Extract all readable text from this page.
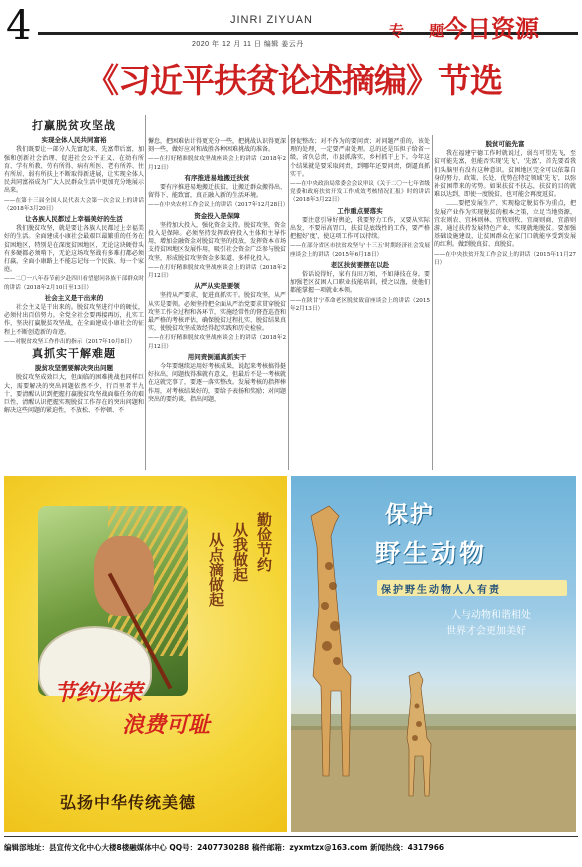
4	JINRI ZIYUAN
2020 年 12 月 11 日 编辑 姜云丹
专 题
今日资源
《习近平扶贫论述摘编》节选
打赢脱贫攻坚战
实现全体人民共同富裕

我们既要让一部分人先富起来、先富带后富，加强和创新社会治理、促进社会公平正义、在幼有所育、学有所教、劳有所得、病有所医、老有所养、住有所居、弱有所扶上不断取得新进展，让实现全体人民共同富裕成为广大人民群众生活中更加充分地展示出来。

——在第十三届全国人民代表大会第一次会议上的讲话（2018年3月20日）

让各族人民都过上幸福美好的生活

我们脱贫攻坚，就是要让各族人民都过上幸福美好的生活。全面建成小康社会最艰巨最繁重的任务在贫困地区，特别是在深度贫困地区，无论这块硬骨头有多硬都必须啃下，无论这场攻坚战有多难打都必须打赢，全面小康路上不能忘记每一个民族、每一个家庭。

——二〇一八年春节前夕赴四川看望慰问各族干部群众时的讲话（2018年2月10日至13日）

社会主义是干出来的

社会主义是干出来的。脱贫攻坚进行中的硬仗，必须付出百倍努力。全党全社会要再接再厉，扎实工作，坚决打赢脱贫攻坚战，在全面建成小康社会的征程上不断创造新的奇迹。

——对脱贫攻坚工作作出的指示（2017年10月8日）

真抓实干解难题
脱贫攻坚需要解决突出问题

脱贫攻坚成效巨大，但面临的困难挑战也同样巨大，需要解决的突出问题依然不少，行百里者半九十，要清醒认识到把握打赢脱贫攻坚战面临任务的艰巨性，清醒认识把握实现脱贫工作存在的突出问题和解决这些问题的紧迫性，不放松、不停顿、不

懈怠，把困难估计得更充分一些，把挑战认识得更深刻一些，做好应对和战胜各种困难挑战的准备。

——在打好精准脱贫攻坚战座谈会上的讲话（2018年2月12日）

有序推进易地搬迁扶贫

要有序推进易地搬迁扶贫，让搬迁群众搬得出、留得下、能致富，真正融入新的生活环境。

——在中央农村工作会议上的讲话（2017年12月28日）

资金投入是保障

坚持加大投入，强化资金支持。脱贫攻坚，资金投入是保障。必须坚持发挥政府投入主体和主导作用，增加金融资金对脱贫攻坚的投放，发挥资本市场支持贫困地区发展作用，吸引社会资金广泛参与脱贫攻坚，形成脱贫攻坚资金多渠道、多样化投入。

——在打好精准脱贫攻坚战座谈会上的讲话（2018年2月12日）

从严从实是要领

坚持从严要求，促进真抓实干。脱贫攻坚，从严从实是要领。必须坚持把全面从严治党要求贯穿脱贫攻坚工作全过程和各环节，实施经常性的督查巡查和最严格的考核评估，确保脱贫过程扎实、脱贫结果真实，使脱贫攻坚成效经得起实践和历史检验。

——在打好精准脱贫攻坚战座谈会上的讲话（2018年2月12日）

用问责倒逼真抓实干

今年要继续运用好考核成果，说起来考核搞得挺好拉出，问题找得准就有意义，但最后不是一考核就在这就完事了，要逐一落实整改。发展考核的指挥棒作用，对考核结果好的，要给予表扬和奖励；对问题突出的要约谈，指出问题，

督促整改；对不作为的要问责；对问题严重的，该处理的处理，一定要严肃处理。总的还是压担子给省一级，省负总责，市县抓落实，乡村抓干上下。今年这个结果就是要采取问责，到哪年还要问责，倒逼真抓实干。

——在中央政治局常委会会议审议《关于二〇一七年省级党委和政府扶贫开发工作成效考核情况汇报》时的讲话（2018年3月22日）

工作重点要落实

要注意引导好舆论，我要努力工作，又要从实际出发，不要吊高胃口，扶贫是底线性的工作，要严格把握好'度'，使这项工作可以持续。

——在部分省区市扶贫攻坚与'十三五'时期经济社会发展座谈会上的讲话（2015年6月18日）

老区扶贫要摆在以赴

俗话说得好，家有良田万顷，不如薄技在身。要加强老区贫困人口职业技能培训，授之以渔，使他们都能掌握一项就业本领。

——在陕甘宁革命老区脱贫致富座谈会上的讲话（2015年2月13日）

脱贫可能先富

我在福建宁德工作时就说过，弱鸟可望先飞，至贫可能先富，但能否实现'先飞'、'先富'，首先要看我们头脑里有没有这种意识。贫困地区完全可以依靠自身的努力、政策、长处、优势在特定领域'先飞'，以弥补贫困带来的劣势。如果扶贫不扶志，扶贫的目的就难以达到，即使一度脱贫，也可能会再度返贫。

……要把发展生产、实现稳定脱贫作为重点，把发展产业作为实现脱贫的根本之策，立足当地资源，宜农则农、宜林则林、宜牧则牧、宜商则商、宜游则游，通过扶持发展特色产业，实现就地脱贫。要加强基础设施建设，让贫困群众在家门口就能享受到发展的红利。做到脱真贫、真脱贫。

——在中央扶贫开发工作会议上的讲话（2015年11月27日）

勤俭节约
从我做起
从点滴做起
节约光荣
浪费可耻
弘扬中华传统美德
保护
野生动物
保护野生动物人人有责
人与动物和谐相处
世界才会更加美好
编辑部地址：县宣传文化中心大楼8楼融媒体中心 QQ号：2407730288 稿件邮箱：zyxmtzx@163.com 新闻热线：4317966
